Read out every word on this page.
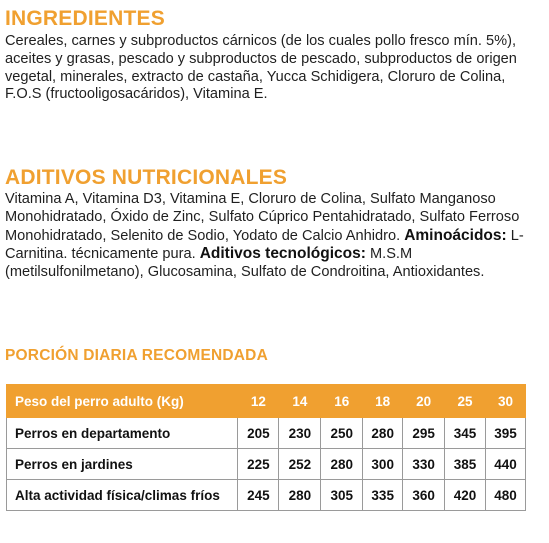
INGREDIENTES

Cereales, carnes y subproductos cárnicos (de los cuales pollo fresco mín. 5%), aceites y grasas, pescado y subproductos de pescado, subproductos de origen vegetal, minerales, extracto de castaña, Yucca Schidigera, Cloruro de Colina, F.O.S (fructooligosacáridos), Vitamina E.

ADITIVOS NUTRICIONALES

Vitamina A, Vitamina D3, Vitamina E, Cloruro de Colina, Sulfato Manganoso Monohidratado, Óxido de Zinc, Sulfato Cúprico Pentahidratado, Sulfato Ferroso Monohidratado, Selenito de Sodio, Yodato de Calcio Anhidro. Aminoácidos: L-Carnitina. técnicamente pura. Aditivos tecnológicos: M.S.M (metilsulfonilmetano), Glucosamina, Sulfato de Condroitina, Antioxidantes.

PORCIÓN DIARIA RECOMENDADA
Peso del perro adulto (Kg)	12	14	16	18	20	25	30
Perros en departamento	205	230	250	280	295	345	395
Perros en jardines	225	252	280	300	330	385	440
Alta actividad física/climas fríos	245	280	305	335	360	420	480
